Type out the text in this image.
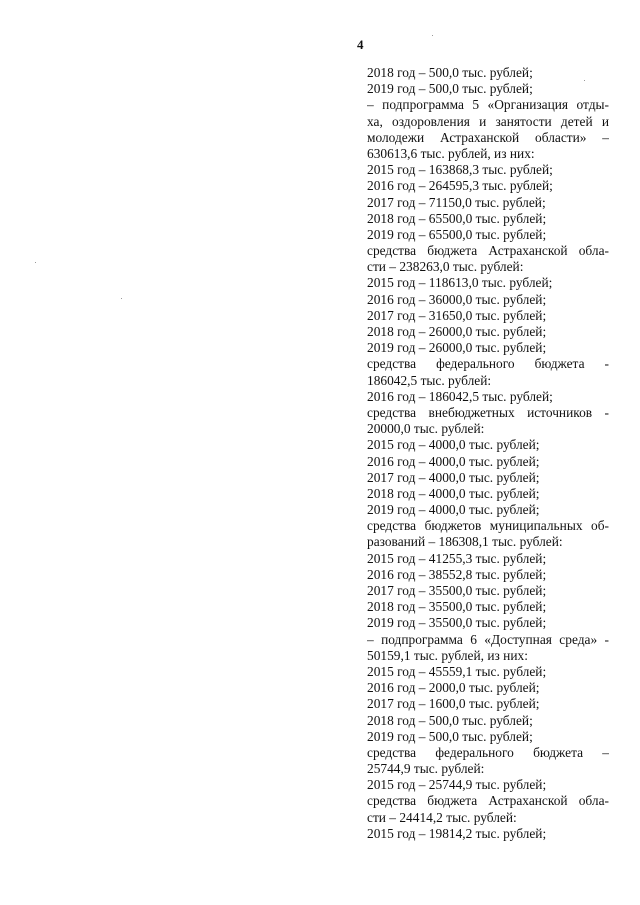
4
2018 год – 500,0 тыс. рублей;
2019 год – 500,0 тыс. рублей;
– подпрограмма 5 «Организация отды-
ха, оздоровления и занятости детей и
молодежи Астраханской области» –
630613,6 тыс. рублей, из них:
2015 год – 163868,3 тыс. рублей;
2016 год – 264595,3 тыс. рублей;
2017 год – 71150,0 тыс. рублей;
2018 год – 65500,0 тыс. рублей;
2019 год – 65500,0 тыс. рублей;
средства бюджета Астраханской обла-
сти – 238263,0 тыс. рублей:
2015 год – 118613,0 тыс. рублей;
2016 год – 36000,0 тыс. рублей;
2017 год – 31650,0 тыс. рублей;
2018 год – 26000,0 тыс. рублей;
2019 год – 26000,0 тыс. рублей;
средства федерального бюджета -
186042,5 тыс. рублей:
2016 год – 186042,5 тыс. рублей;
средства внебюджетных источников -
20000,0 тыс. рублей:
2015 год – 4000,0 тыс. рублей;
2016 год – 4000,0 тыс. рублей;
2017 год – 4000,0 тыс. рублей;
2018 год – 4000,0 тыс. рублей;
2019 год – 4000,0 тыс. рублей;
средства бюджетов муниципальных об-
разований – 186308,1 тыс. рублей:
2015 год – 41255,3 тыс. рублей;
2016 год – 38552,8 тыс. рублей;
2017 год – 35500,0 тыс. рублей;
2018 год – 35500,0 тыс. рублей;
2019 год – 35500,0 тыс. рублей;
– подпрограмма 6 «Доступная среда» -
50159,1 тыс. рублей, из них:
2015 год – 45559,1 тыс. рублей;
2016 год – 2000,0 тыс. рублей;
2017 год – 1600,0 тыс. рублей;
2018 год – 500,0 тыс. рублей;
2019 год – 500,0 тыс. рублей;
средства федерального бюджета –
25744,9 тыс. рублей:
2015 год – 25744,9 тыс. рублей;
средства бюджета Астраханской обла-
сти – 24414,2 тыс. рублей:
2015 год – 19814,2 тыс. рублей;
